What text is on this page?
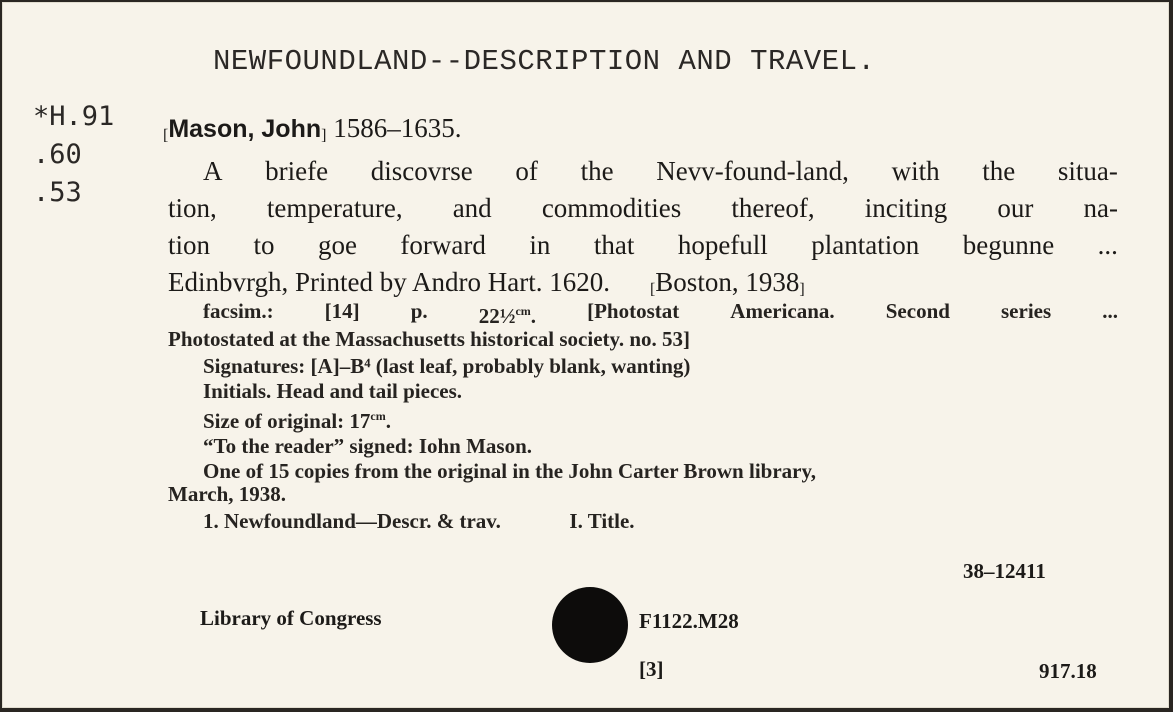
NEWFOUNDLAND--DESCRIPTION AND TRAVEL.
*H.91
.60
.53
[Mason, John] 1586–1635.
A briefe discovrse of the Nevv-found-land, with the situa-
tion, temperature, and commodities thereof, inciting our na-
tion to goe forward in that hopefull plantation begunne ...
Edinbvrgh, Printed by Andro Hart. 1620.	[Boston, 1938]
facsim.: [14] p. 22½$^{cm}$. [Photostat Americana. Second series ...
Photostated at the Massachusetts historical society. no. 53]
Signatures: [A]–B⁴ (last leaf, probably blank, wanting)
Initials. Head and tail pieces.
Size of original: $17^{cm}$.
“To the reader” signed: Iohn Mason.
One of 15 copies from the original in the John Carter Brown library,
March, 1938.
1. Newfoundland—Descr. & trav.	I. Title.
38–12411
Library of Congress	F1122.M28
[3]	917.18
